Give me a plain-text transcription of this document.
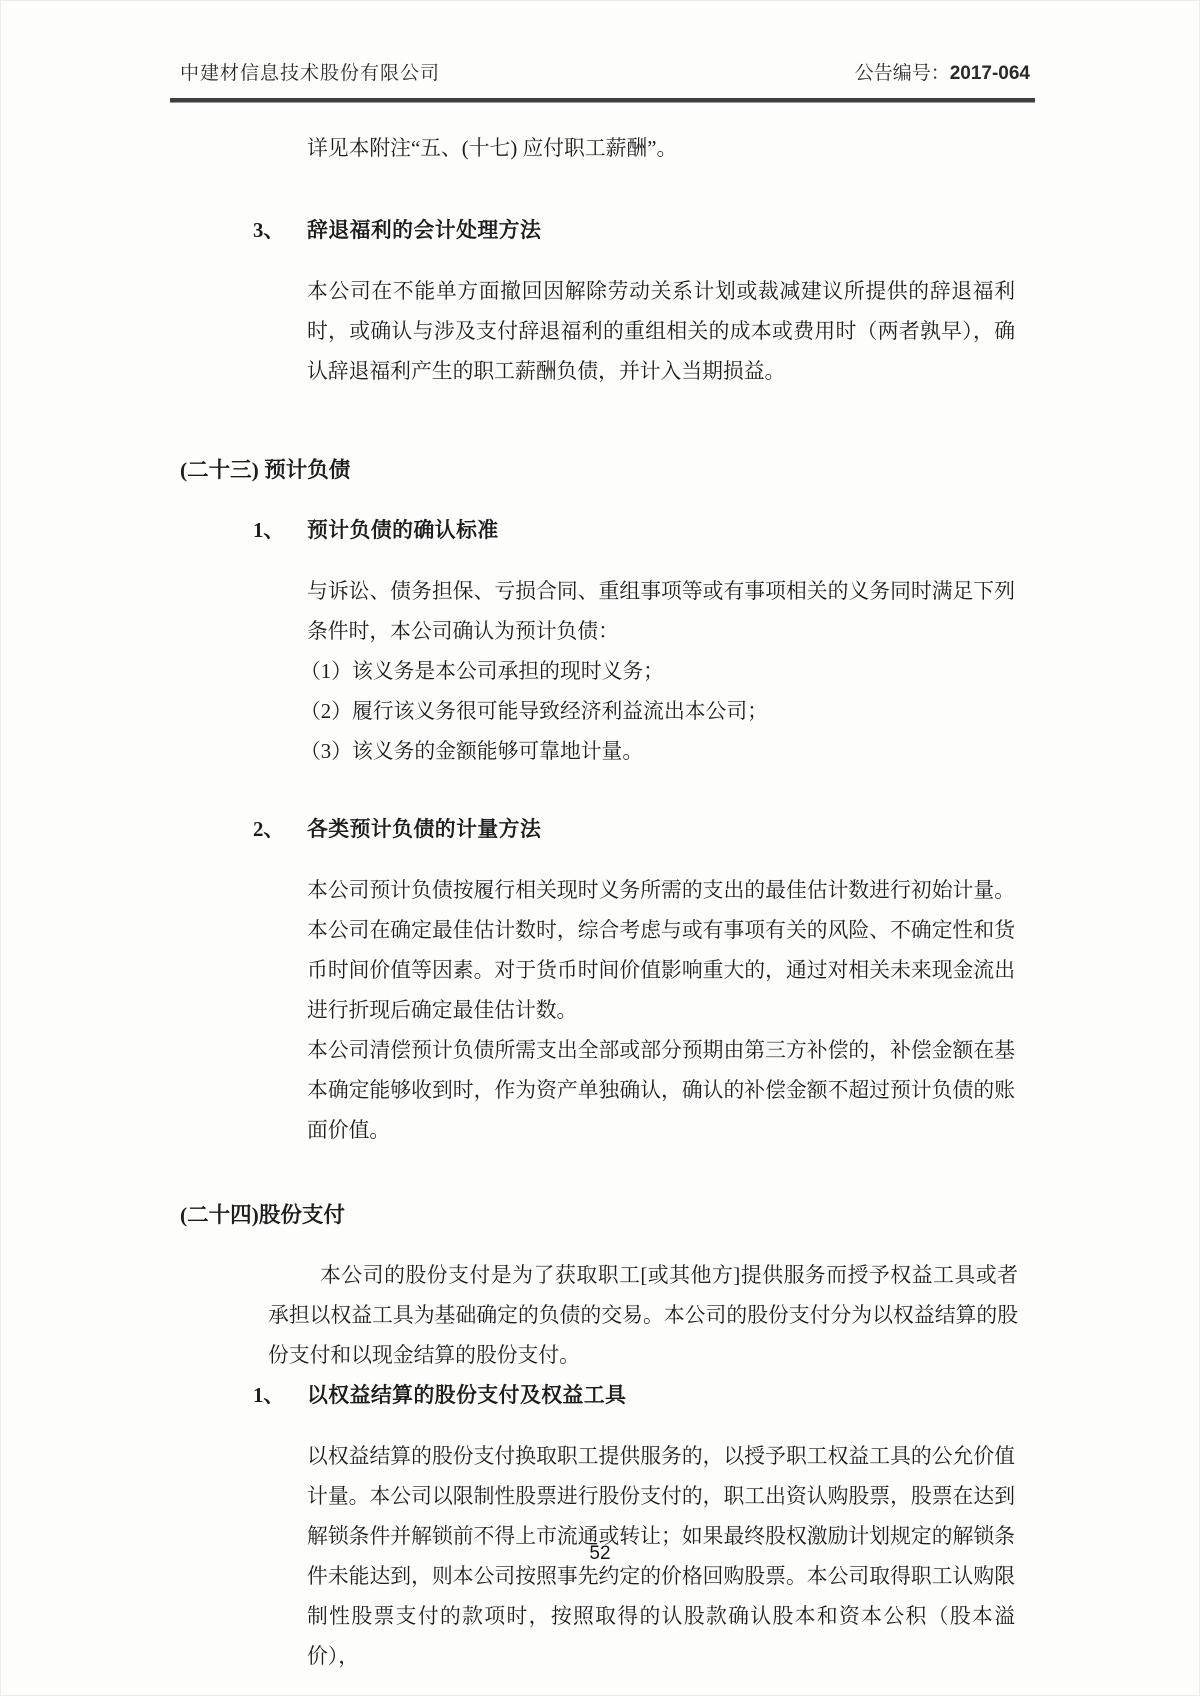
中建材信息技术股份有限公司	公告编号：2017-064

详见本附注“五、(十七) 应付职工薪酬”。

3、 辞退福利的会计处理方法

本公司在不能单方面撤回因解除劳动关系计划或裁减建议所提供的辞退福利时，或确认与涉及支付辞退福利的重组相关的成本或费用时（两者孰早），确认辞退福利产生的职工薪酬负债，并计入当期损益。

(二十三) 预计负债

1、 预计负债的确认标准

与诉讼、债务担保、亏损合同、重组事项等或有事项相关的义务同时满足下列条件时，本公司确认为预计负债：

（1）该义务是本公司承担的现时义务；

（2）履行该义务很可能导致经济利益流出本公司；

（3）该义务的金额能够可靠地计量。

2、 各类预计负债的计量方法

本公司预计负债按履行相关现时义务所需的支出的最佳估计数进行初始计量。本公司在确定最佳估计数时，综合考虑与或有事项有关的风险、不确定性和货币时间价值等因素。对于货币时间价值影响重大的，通过对相关未来现金流出进行折现后确定最佳估计数。

本公司清偿预计负债所需支出全部或部分预期由第三方补偿的，补偿金额在基本确定能够收到时，作为资产单独确认，确认的补偿金额不超过预计负债的账面价值。

(二十四)股份支付

本公司的股份支付是为了获取职工[或其他方]提供服务而授予权益工具或者承担以权益工具为基础确定的负债的交易。本公司的股份支付分为以权益结算的股份支付和以现金结算的股份支付。

1、 以权益结算的股份支付及权益工具

以权益结算的股份支付换取职工提供服务的，以授予职工权益工具的公允价值计量。本公司以限制性股票进行股份支付的，职工出资认购股票，股票在达到解锁条件并解锁前不得上市流通或转让；如果最终股权激励计划规定的解锁条件未能达到，则本公司按照事先约定的价格回购股票。本公司取得职工认购限制性股票支付的款项时，按照取得的认股款确认股本和资本公积（股本溢价），

52
